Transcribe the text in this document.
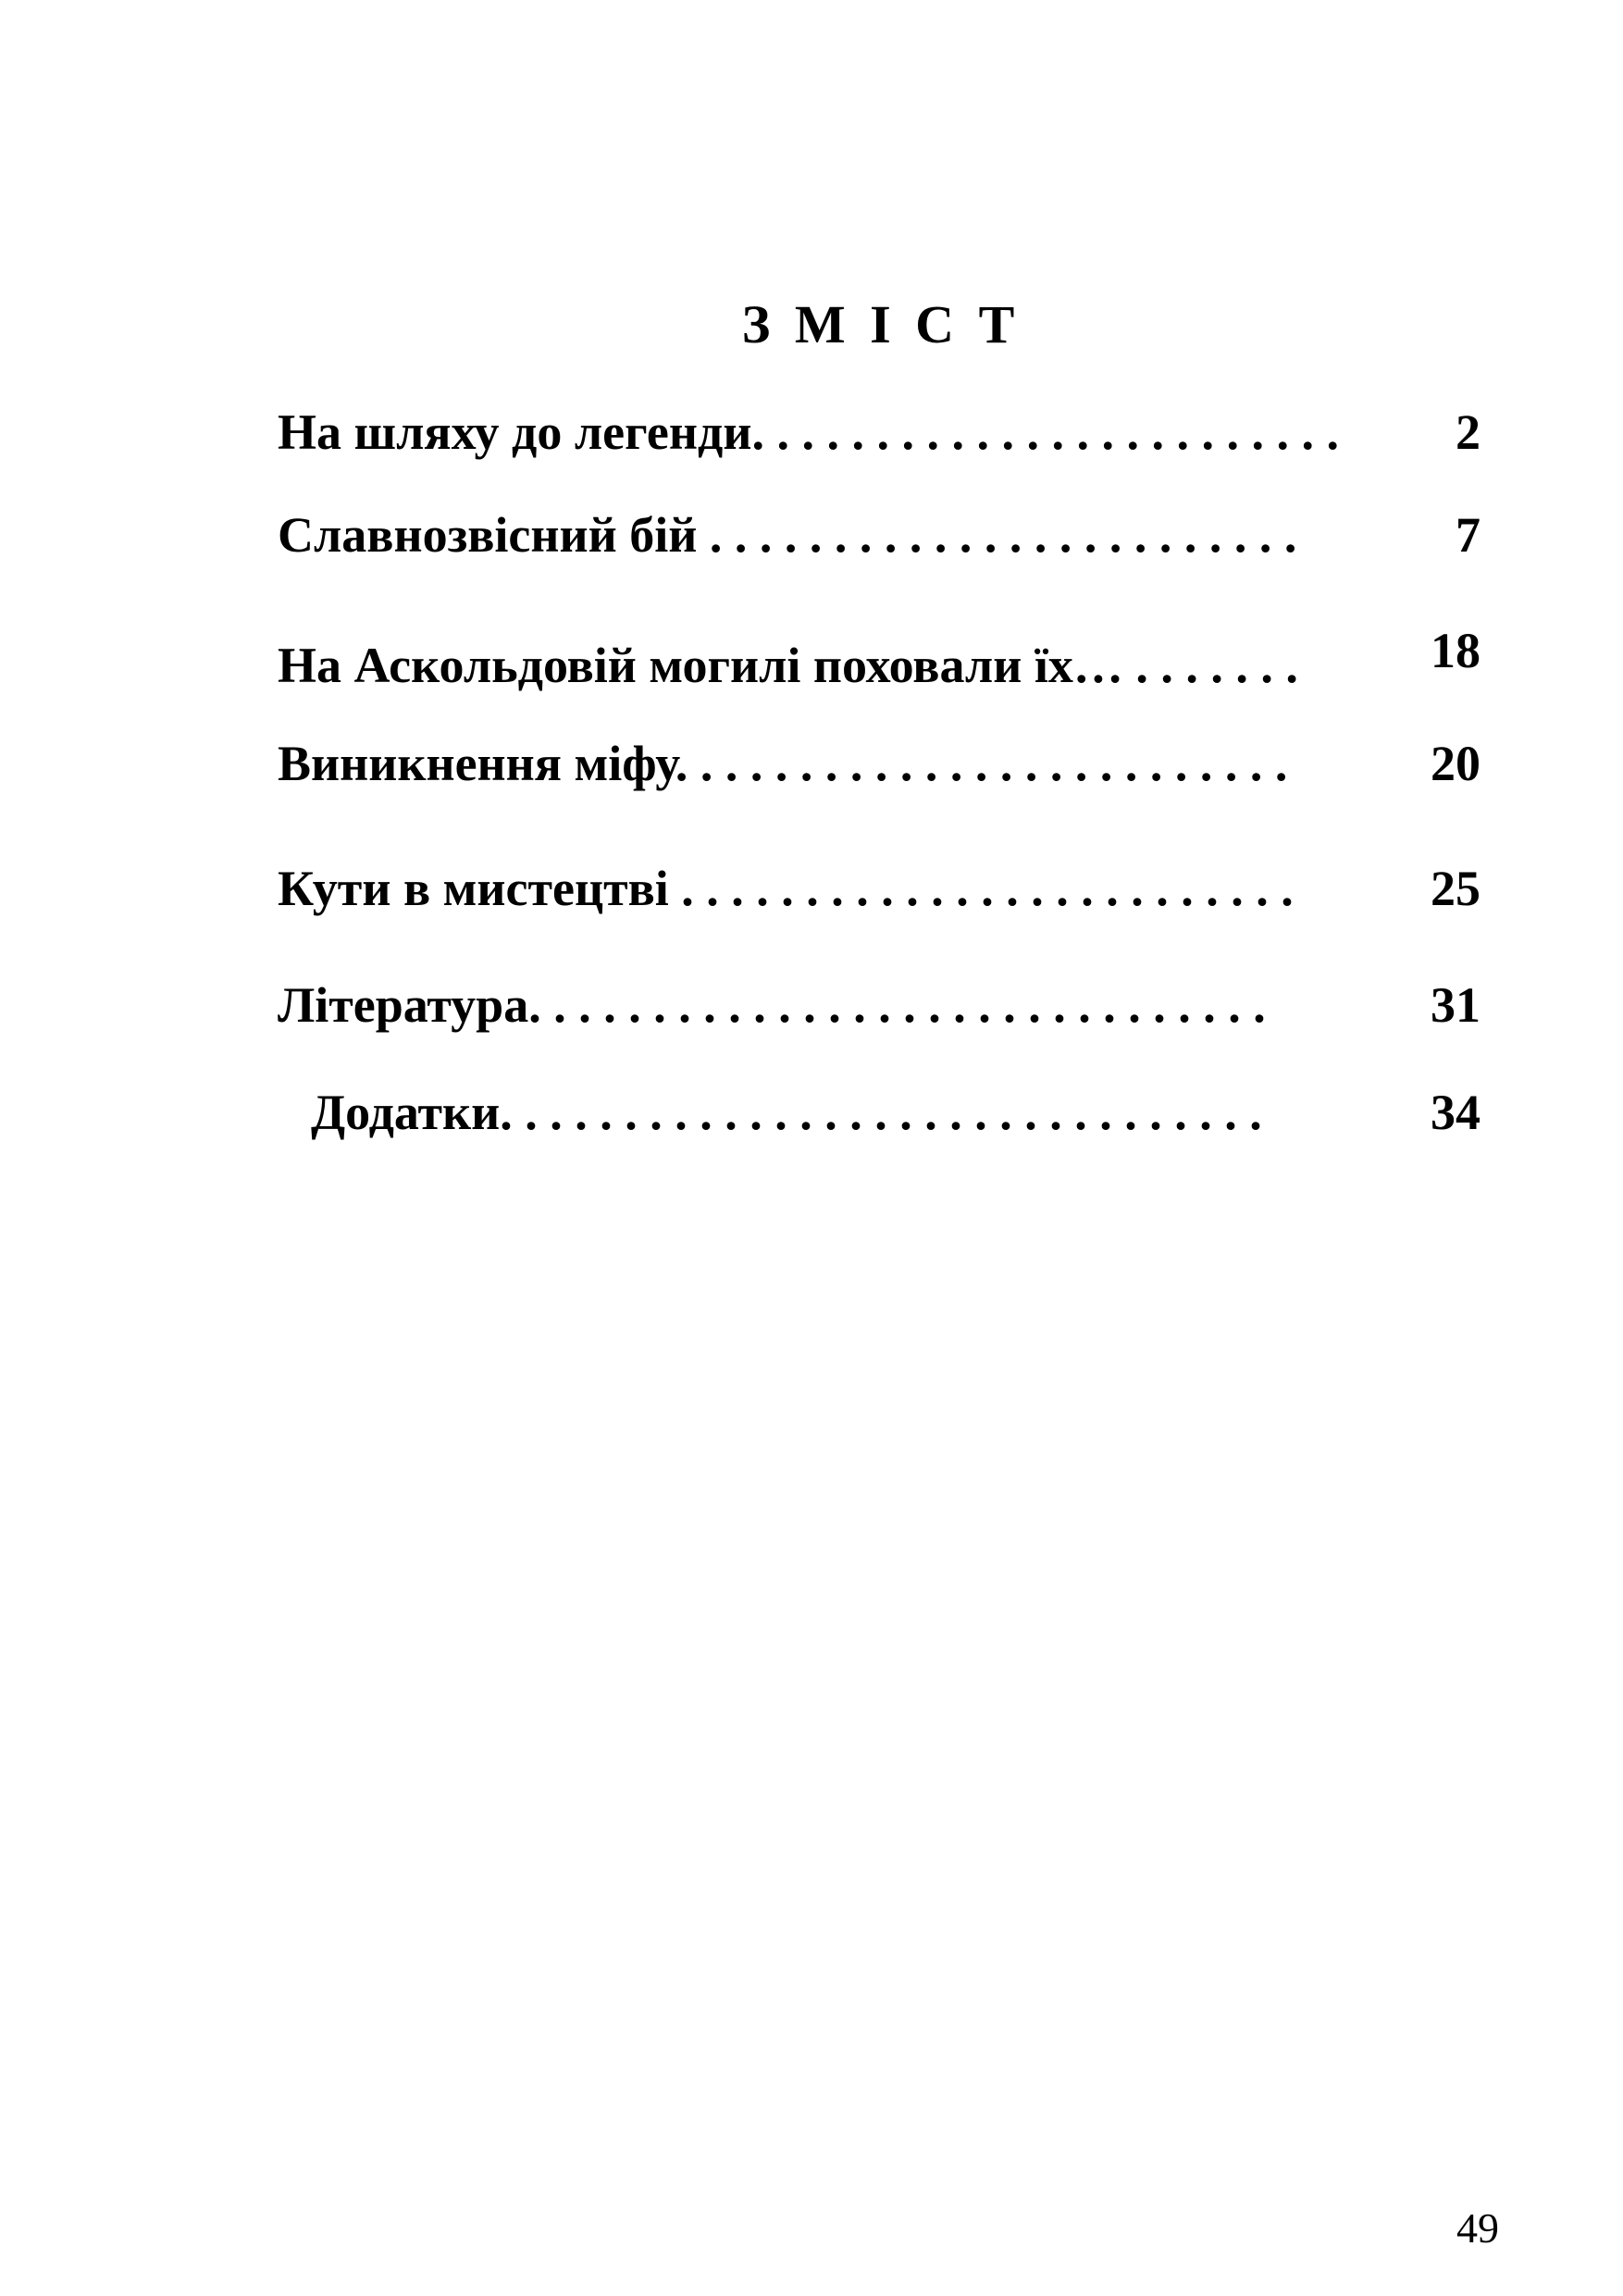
З М І С Т
На шляху до легенди. . . . . . . . . . . . . . . . . . . . . . . . 2
Славнозвісний бій . . . . . . . . . . . . . . . . . . . . . . . .	7
На Аскольдовій могилі поховали їх… . . . . . . .	18
Виникнення міфу. . . . . . . . . . . . . . . . . . . . . . . . .	20
Кути в мистецтві . . . . . . . . . . . . . . . . . . . . . . . . .	25
Література. . . . . . . . . . . . . . . . . . . . . . . . . . . . . .	31
Додатки. . . . . . . . . . . . . . . . . . . . . . . . . . . . . . .	34
49
